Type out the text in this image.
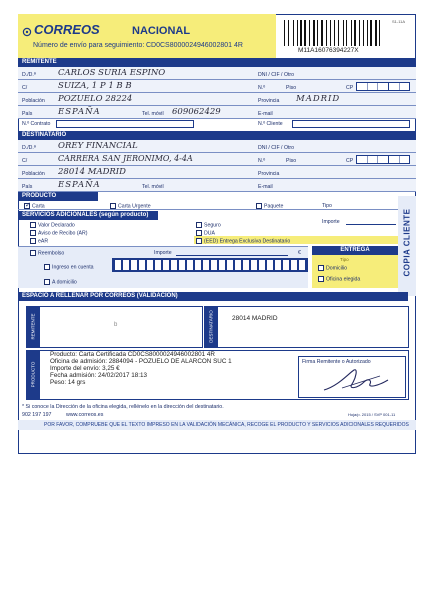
CORREOS	NACIONAL
Número de envío para seguimiento: CD0CS8000024946002801 4R
S1-11A
M11A16076394227X
REMITENTE
D./D.ª	CARLOS SURIA ESPINO	DNI / CIF / Otro
C/	SUIZA, 1 P 1 B B	N.º	Piso	CP
Población POZUELO 28224	Provincia MADRID
País	ESPAÑA	Tel. móvil 609062429	E-mail
N.º Contrato	N.º Cliente
DESTINATARIO
D./D.ª	OREY FINANCIAL	DNI / CIF / Otro
C/	CARRERA SAN JERONIMO, 4-4A	N.º	Piso	CP
Población 28014 MADRID	Provincia
País	ESPAÑA	Tel. móvil	E-mail
PRODUCTO
✓ Carta	Carta Urgente	Paquete	Tipo
SERVICIOS ADICIONALES (según producto)
Valor Declarado
Aviso de Recibo (AR)
eAR
Seguro
DUA
(EED) Entrega Exclusiva Destinatario
Importe
Reembolso	Importe	€
Ingreso en cuenta
A domicilio
ENTREGA
Domicilio
Oficina elegida
Tipo	COPIA CLIENTE
ESPACIO A RELLENAR POR CORREOS (VALIDACIÓN)
REMITENTE	b	DESTINATARIO	28014 MADRID
PRODUCTO
Producto: Carta Certificada CD0CS8000024946002801 4R
Oficina de admisión: 2884094 - POZUELO DE ALARCON SUC 1
Importe del envío: 3,25 €
Fecha admisión: 24/02/2017 18:13
Peso: 14 grs
Firma Remitente o Autorizado
* Si conoce la Dirección de la oficina elegida, rellénelo en la dirección del destinatario.
902 197 197	www.correos.es	Hoja/p. 2015 / SVP 001-11
POR FAVOR, COMPRUEBE QUE EL TEXTO IMPRESO EN LA VALIDACIÓN MECÁNICA, RECOGE EL PRODUCTO Y SERVICIOS ADICIONALES REQUERIDOS
